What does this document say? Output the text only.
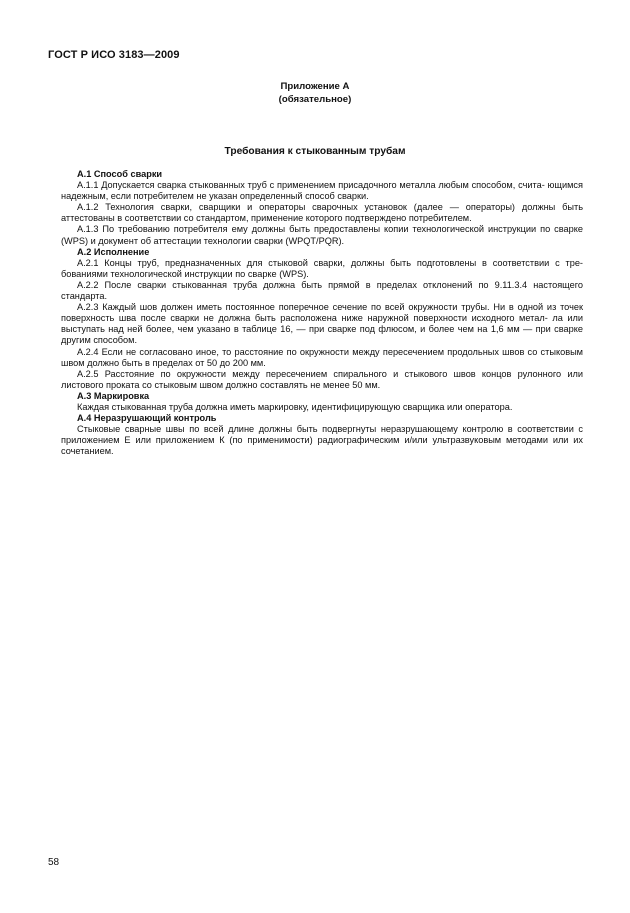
ГОСТ Р ИСО 3183—2009
Приложение А
(обязательное)
Требования к стыкованным трубам
А.1 Способ сварки

А.1.1 Допускается сварка стыкованных труб с применением присадочного металла любым способом, счита- ющимся надежным, если потребителем не указан определенный способ сварки.

А.1.2 Технология сварки, сварщики и операторы сварочных установок (далее — операторы) должны быть аттестованы в соответствии со стандартом, применение которого подтверждено потребителем.

А.1.3 По требованию потребителя ему должны быть предоставлены копии технологической инструкции по сварке (WPS) и документ об аттестации технологии сварки (WPQT/PQR).

А.2 Исполнение

А.2.1 Концы труб, предназначенных для стыковой сварки, должны быть подготовлены в соответствии с тре- бованиями технологической инструкции по сварке (WPS).

А.2.2 После сварки стыкованная труба должна быть прямой в пределах отклонений по 9.11.3.4 настоящего стандарта.

А.2.3 Каждый шов должен иметь постоянное поперечное сечение по всей окружности трубы. Ни в одной из точек поверхность шва после сварки не должна быть расположена ниже наружной поверхности исходного метал- ла или выступать над ней более, чем указано в таблице 16, — при сварке под флюсом, и более чем на 1,6 мм — при сварке другим способом.

А.2.4 Если не согласовано иное, то расстояние по окружности между пересечением продольных швов со стыковым швом должно быть в пределах от 50 до 200 мм.

А.2.5 Расстояние по окружности между пересечением спирального и стыкового швов концов рулонного или листового проката со стыковым швом должно составлять не менее 50 мм.

А.3 Маркировка

Каждая стыкованная труба должна иметь маркировку, идентифицирующую сварщика или оператора.

А.4 Неразрушающий контроль

Стыковые сварные швы по всей длине должны быть подвергнуты неразрушающему контролю в соответствии с приложением Е или приложением К (по применимости) радиографическим и/или ультразвуковым методами или их сочетанием.

58
